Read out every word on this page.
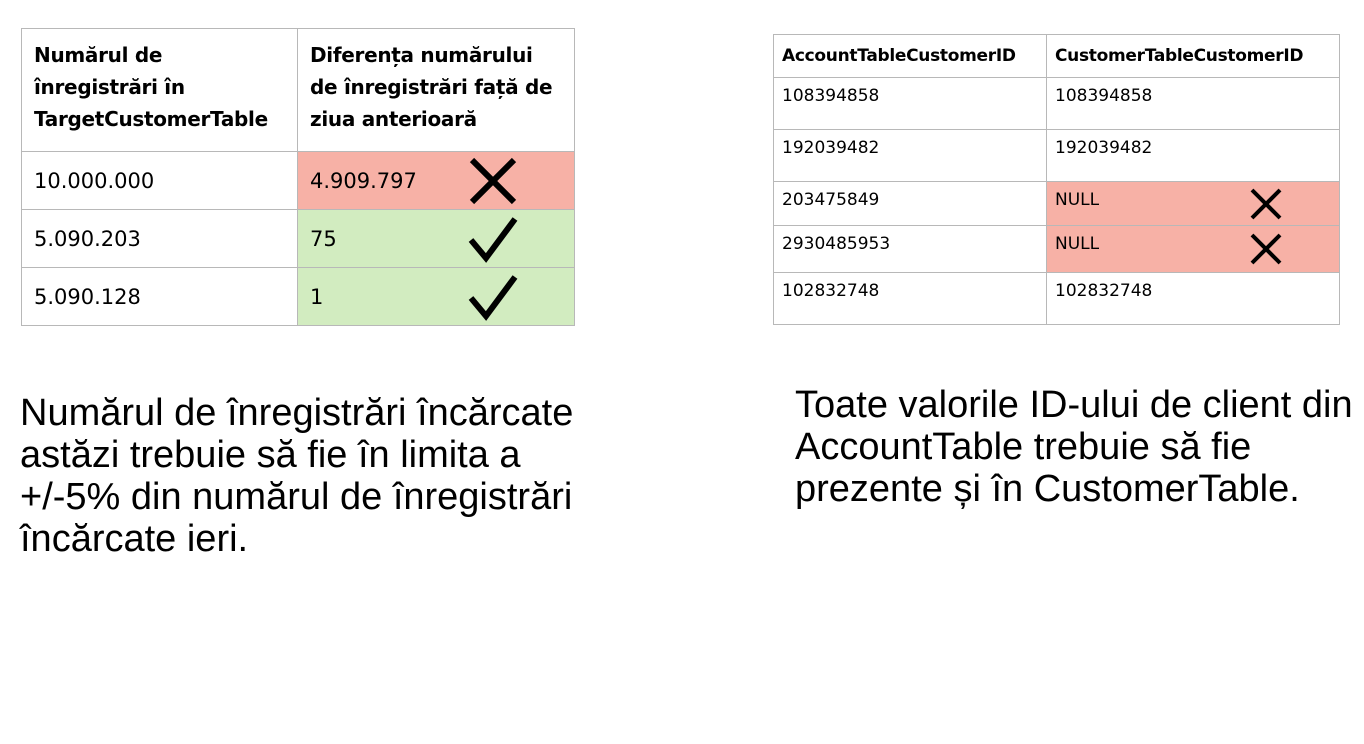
Numărul de înregistrări în TargetCustomerTable	Diferența numărului de înregistrări față de ziua anterioară
10.000.000	4.909.797

5.090.203	75

5.090.128	1
AccountTableCustomerID	CustomerTableCustomerID
108394858	108394858
192039482	192039482
203475849	NULL

2930485953	NULL

102832748	102832748
Numărul de înregistrări încărcate astăzi trebuie să fie în limita a +/-5% din numărul de înregistrări încărcate ieri.
Toate valorile ID-ului de client din AccountTable trebuie să fie prezente și în CustomerTable.
